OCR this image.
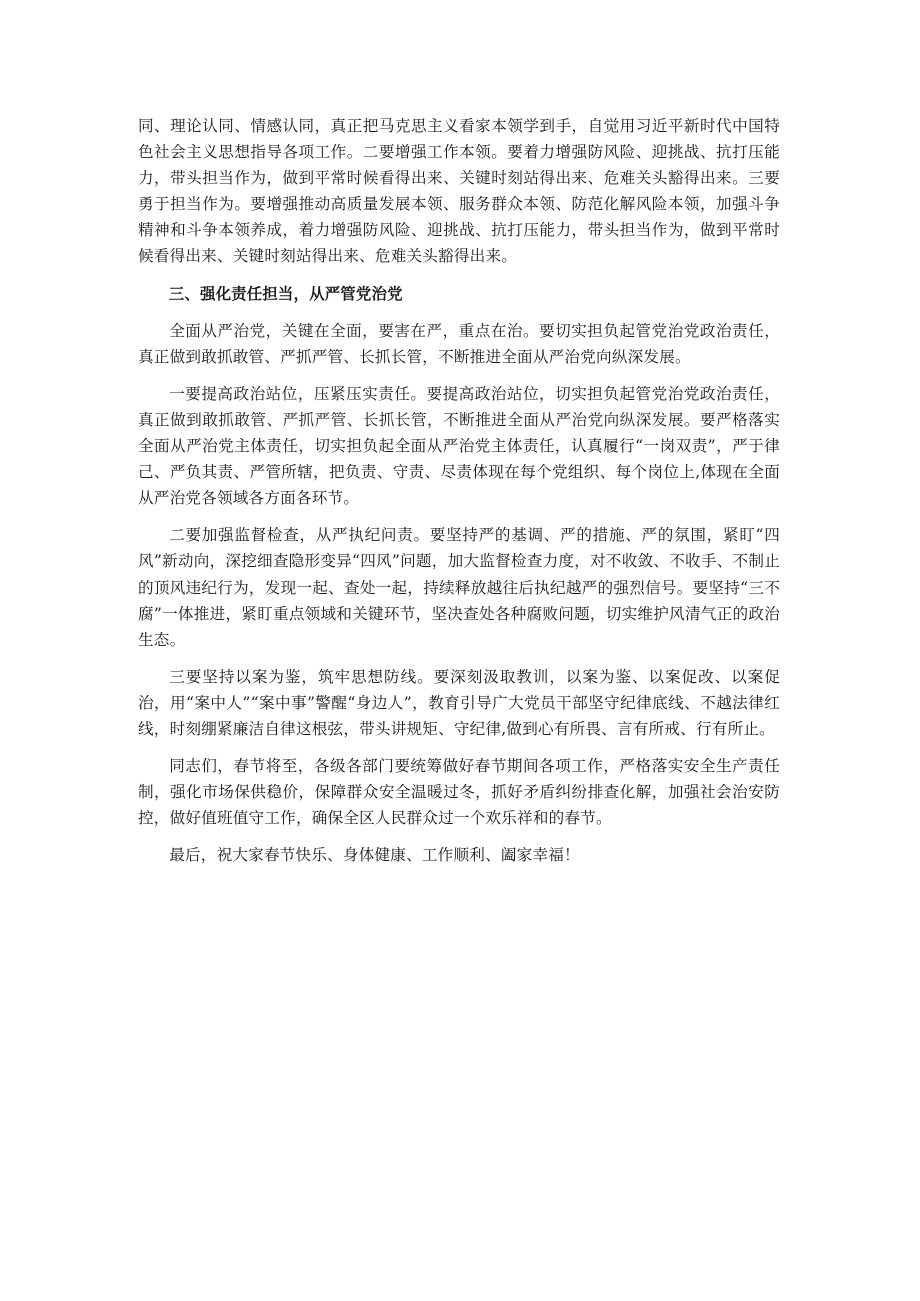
同、理论认同、情感认同，真正把马克思主义看家本领学到手，自觉用习近平新时代中国特色社会主义思想指导各项工作。二要增强工作本领。要着力增强防风险、迎挑战、抗打压能力，带头担当作为，做到平常时候看得出来、关键时刻站得出来、危难关头豁得出来。三要勇于担当作为。要增强推动高质量发展本领、服务群众本领、防范化解风险本领，加强斗争精神和斗争本领养成，着力增强防风险、迎挑战、抗打压能力，带头担当作为，做到平常时候看得出来、关键时刻站得出来、危难关头豁得出来。

三、强化责任担当，从严管党治党

全面从严治党，关键在全面，要害在严，重点在治。要切实担负起管党治党政治责任，真正做到敢抓敢管、严抓严管、长抓长管，不断推进全面从严治党向纵深发展。

一要提高政治站位，压紧压实责任。要提高政治站位，切实担负起管党治党政治责任，真正做到敢抓敢管、严抓严管、长抓长管，不断推进全面从严治党向纵深发展。要严格落实全面从严治党主体责任，切实担负起全面从严治党主体责任，认真履行“一岗双责”，严于律己、严负其责、严管所辖，把负责、守责、尽责体现在每个党组织、每个岗位上,体现在全面从严治党各领域各方面各环节。

二要加强监督检查，从严执纪问责。要坚持严的基调、严的措施、严的氛围，紧盯“四风”新动向，深挖细查隐形变异“四风”问题，加大监督检查力度，对不收敛、不收手、不制止的顶风违纪行为，发现一起、查处一起，持续释放越往后执纪越严的强烈信号。要坚持“三不腐”一体推进，紧盯重点领域和关键环节，坚决查处各种腐败问题，切实维护风清气正的政治生态。

三要坚持以案为鉴，筑牢思想防线。要深刻汲取教训，以案为鉴、以案促改、以案促治，用“案中人”“案中事”警醒“身边人”，教育引导广大党员干部坚守纪律底线、不越法律红线，时刻绷紧廉洁自律这根弦，带头讲规矩、守纪律,做到心有所畏、言有所戒、行有所止。

同志们，春节将至，各级各部门要统筹做好春节期间各项工作，严格落实安全生产责任制，强化市场保供稳价，保障群众安全温暖过冬，抓好矛盾纠纷排查化解，加强社会治安防控，做好值班值守工作，确保全区人民群众过一个欢乐祥和的春节。

最后，祝大家春节快乐、身体健康、工作顺利、阖家幸福！
